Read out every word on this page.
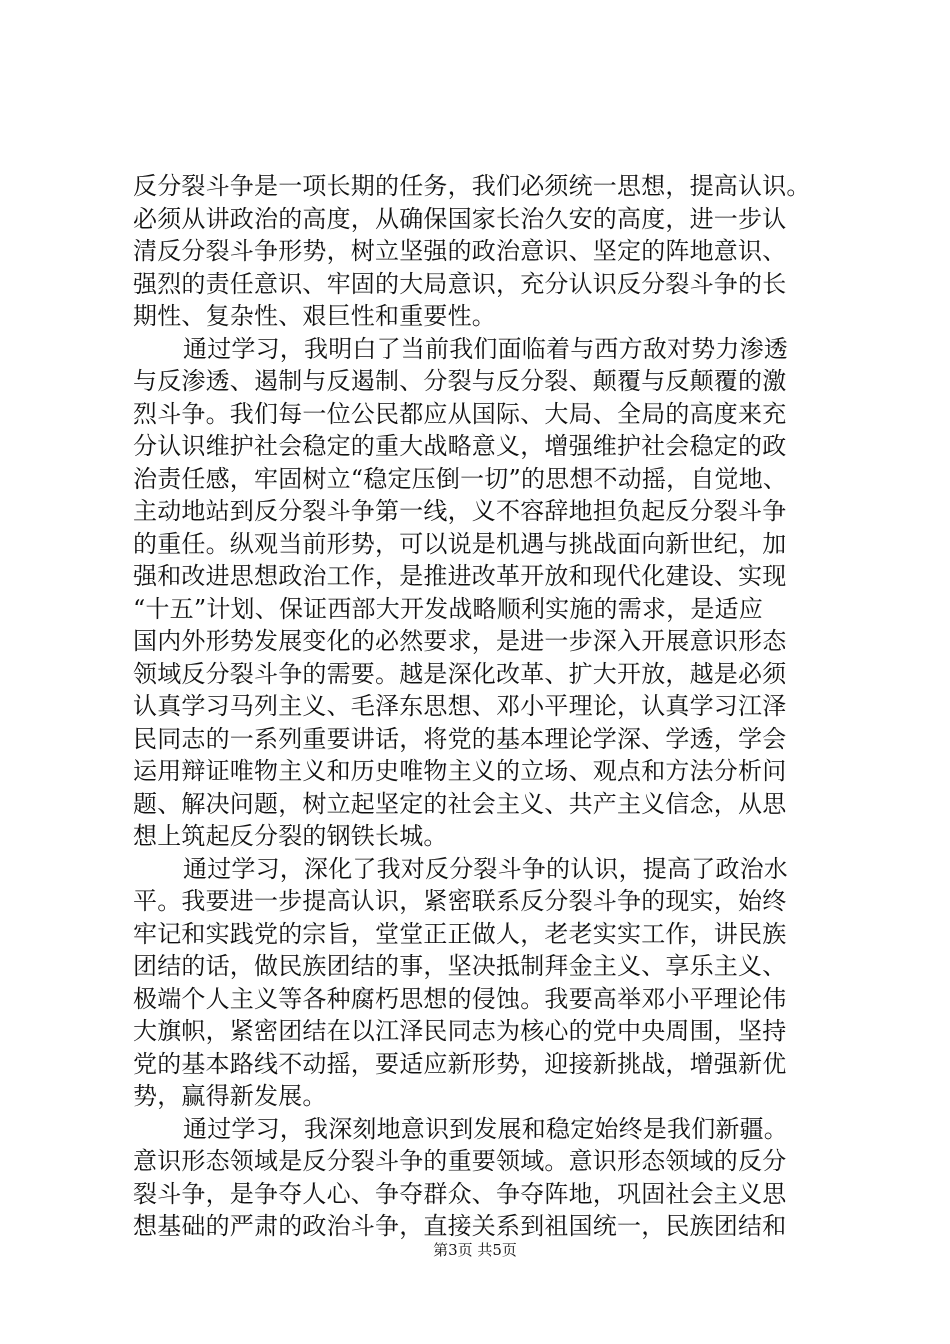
反分裂斗争是一项长期的任务，我们必须统一思想，提高认识。
必须从讲政治的高度，从确保国家长治久安的高度，进一步认
清反分裂斗争形势，树立坚强的政治意识、坚定的阵地意识、
强烈的责任意识、牢固的大局意识，充分认识反分裂斗争的长
期性、复杂性、艰巨性和重要性。
通过学习，我明白了当前我们面临着与西方敌对势力渗透
与反渗透、遏制与反遏制、分裂与反分裂、颠覆与反颠覆的激
烈斗争。我们每一位公民都应从国际、大局、全局的高度来充
分认识维护社会稳定的重大战略意义，增强维护社会稳定的政
治责任感，牢固树立“稳定压倒一切”的思想不动摇，自觉地、
主动地站到反分裂斗争第一线，义不容辞地担负起反分裂斗争
的重任。纵观当前形势，可以说是机遇与挑战面向新世纪，加
强和改进思想政治工作，是推进改革开放和现代化建设、实现
“十五”计划、保证西部大开发战略顺利实施的需求，是适应
国内外形势发展变化的必然要求，是进一步深入开展意识形态
领域反分裂斗争的需要。越是深化改革、扩大开放，越是必须
认真学习马列主义、毛泽东思想、邓小平理论，认真学习江泽
民同志的一系列重要讲话，将党的基本理论学深、学透，学会
运用辩证唯物主义和历史唯物主义的立场、观点和方法分析问
题、解决问题，树立起坚定的社会主义、共产主义信念，从思
想上筑起反分裂的钢铁长城。
通过学习，深化了我对反分裂斗争的认识，提高了政治水
平。我要进一步提高认识，紧密联系反分裂斗争的现实，始终
牢记和实践党的宗旨，堂堂正正做人，老老实实工作，讲民族
团结的话，做民族团结的事，坚决抵制拜金主义、享乐主义、
极端个人主义等各种腐朽思想的侵蚀。我要高举邓小平理论伟
大旗帜，紧密团结在以江泽民同志为核心的党中央周围，坚持
党的基本路线不动摇，要适应新形势，迎接新挑战，增强新优
势，赢得新发展。
通过学习，我深刻地意识到发展和稳定始终是我们新疆。
意识形态领域是反分裂斗争的重要领域。意识形态领域的反分
裂斗争，是争夺人心、争夺群众、争夺阵地，巩固社会主义思
想基础的严肃的政治斗争，直接关系到祖国统一，民族团结和
第3页 共5页
